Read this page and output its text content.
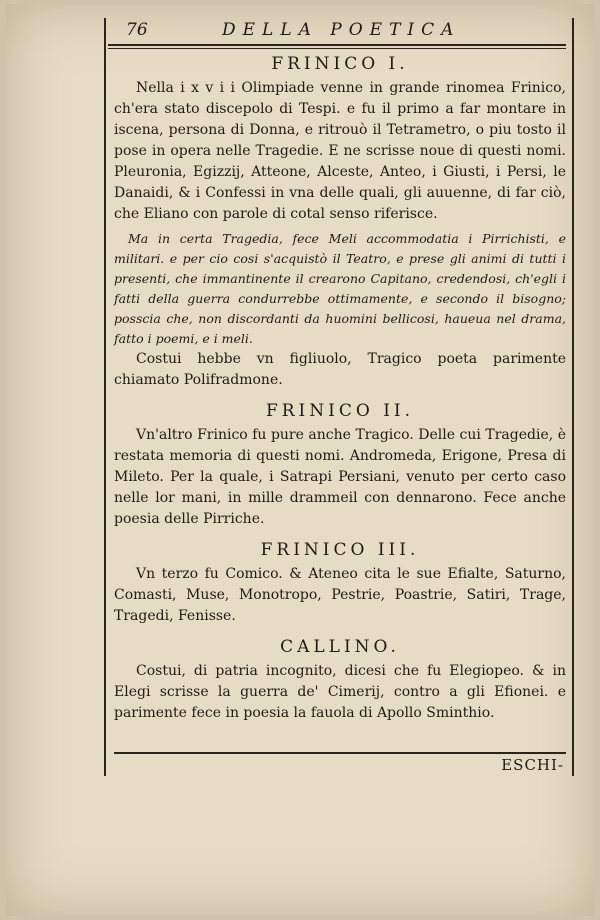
76	DELLA POETICA
FRINICO I.

Nella i x v i i Olimpiade venne in grande rinomea Frinico, ch'era stato discepolo di Tespi. e fu il primo a far montare in iscena, persona di Donna, e ritrouò il Tetrametro, o piu tosto il pose in opera nelle Tragedie. E ne scrisse noue di questi nomi. Pleuronia, Egizzij, Atteone, Alceste, Anteo, i Giusti, i Persi, le Danaidi, & i Confessi in vna delle quali, gli auuenne, di far ciò, che Eliano con parole di cotal senso riferisce.

Ma in certa Tragedia, fece Meli accommodatia i Pirrichisti, e militari. e per cio cosi s'acquistò il Teatro, e prese gli animi di tutti i presenti, che immantinente il crearono Capitano, credendosi, ch'egli i fatti della guerra condurrebbe ottimamente, e secondo il bisogno; posscia che, non discordanti da huomini bellicosi, haueua nel drama, fatto i poemi, e i meli.

Costui hebbe vn figliuolo, Tragico poeta parimente chiamato Polifradmone.

FRINICO II.

Vn'altro Frinico fu pure anche Tragico. Delle cui Tragedie, è restata memoria di questi nomi. Andromeda, Erigone, Presa di Mileto. Per la quale, i Satrapi Persiani, venuto per certo caso nelle lor mani, in mille drammeil con dennarono. Fece anche poesia delle Pirriche.

FRINICO III.

Vn terzo fu Comico. & Ateneo cita le sue Efialte, Saturno, Comasti, Muse, Monotropo, Pestrie, Poastrie, Satiri, Trage, Tragedi, Fenisse.

CALLINO.

Costui, di patria incognito, dicesi che fu Elegiopeo. & in Elegi scrisse la guerra de' Cimerij, contro a gli Efionei. e parimente fece in poesia la fauola di Apollo Sminthio.

ESCHI-
